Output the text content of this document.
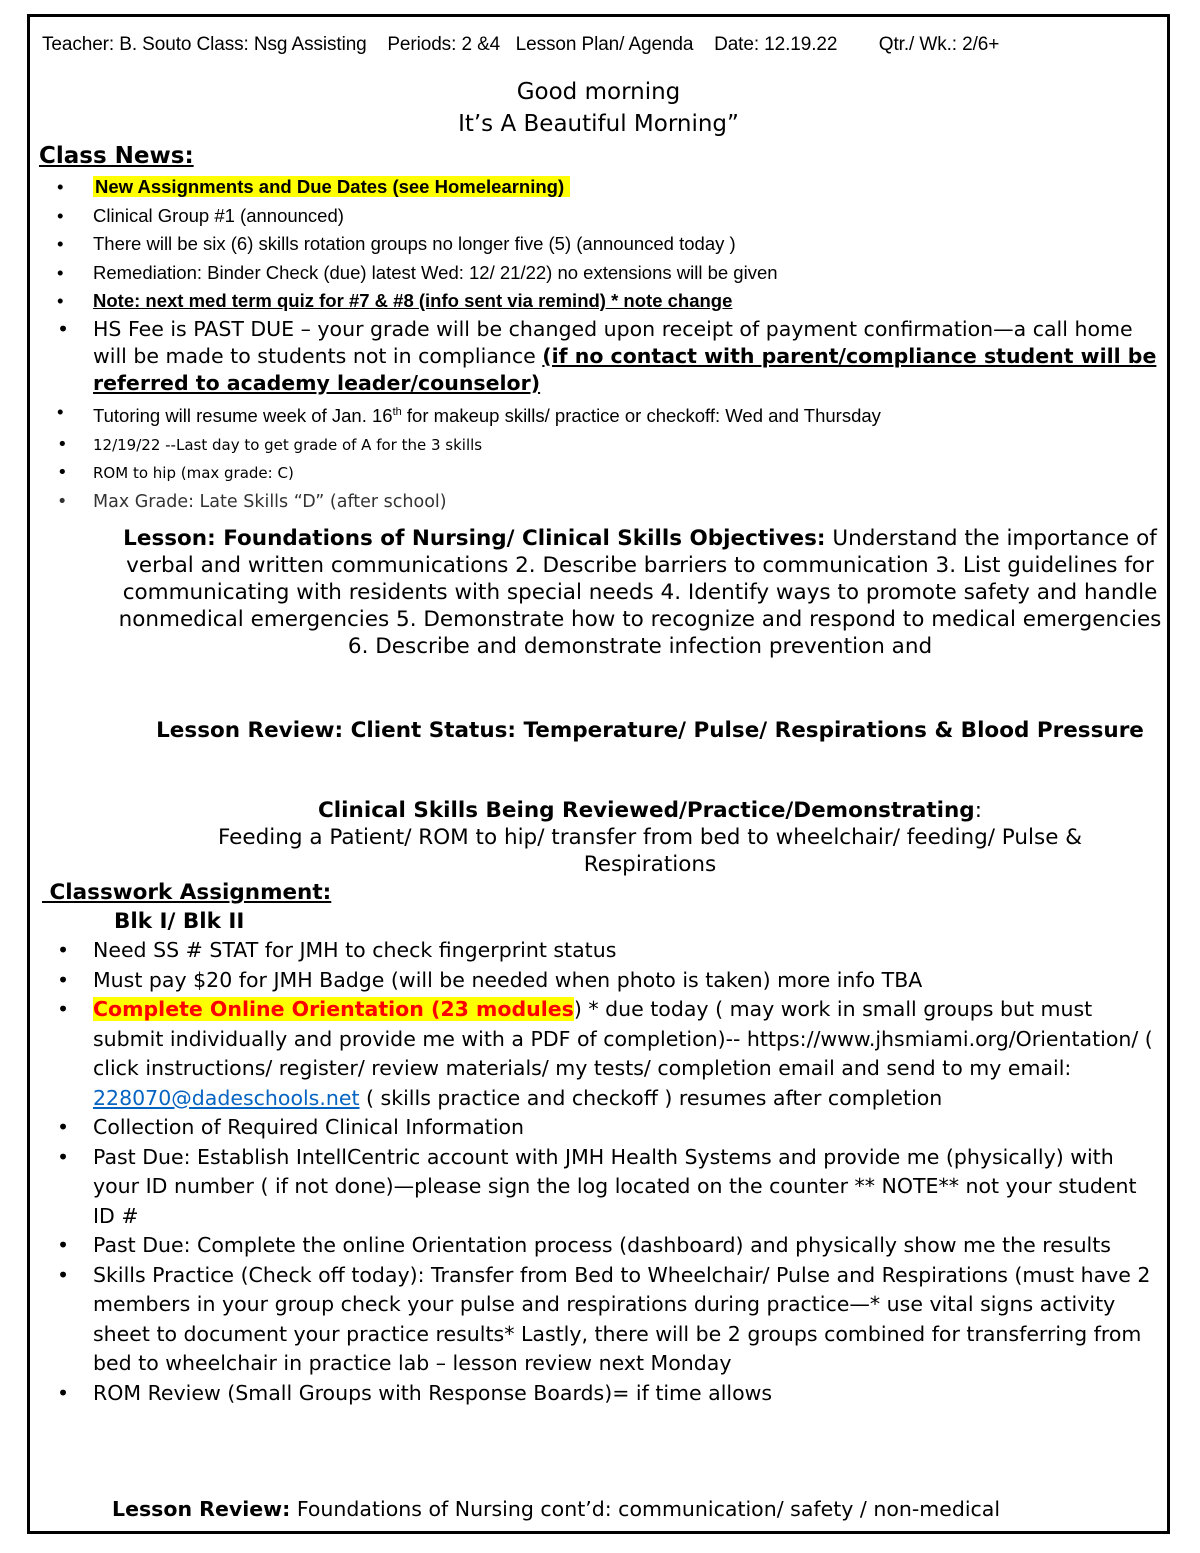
Teacher: B. Souto Class: Nsg Assisting Periods: 2 &4 Lesson Plan/ Agenda Date: 12.19.22 Qtr./ Wk.: 2/6+
Good morning
It’s A Beautiful Morning”
Class News:
• New Assignments and Due Dates (see Homelearning)
• Clinical Group #1 (announced)
• There will be six (6) skills rotation groups no longer five (5) (announced today )
• Remediation: Binder Check (due) latest Wed: 12/ 21/22) no extensions will be given
• Note: next med term quiz for #7 & #8 (info sent via remind) * note change
• HS Fee is PAST DUE – your grade will be changed upon receipt of payment confirmation—a call home will be made to students not in compliance (if no contact with parent/compliance student will be referred to academy leader/counselor)
• Tutoring will resume week of Jan. 16th for makeup skills/ practice or checkoff: Wed and Thursday
• 12/19/22 --Last day to get grade of A for the 3 skills
• ROM to hip (max grade: C)
• Max Grade: Late Skills “D” (after school)
Lesson: Foundations of Nursing/ Clinical Skills Objectives: Understand the importance of verbal and written communications 2. Describe barriers to communication 3. List guidelines for communicating with residents with special needs 4. Identify ways to promote safety and handle nonmedical emergencies 5. Demonstrate how to recognize and respond to medical emergencies 6. Describe and demonstrate infection prevention and
Lesson Review: Client Status: Temperature/ Pulse/ Respirations & Blood Pressure
Clinical Skills Being Reviewed/Practice/Demonstrating:
Feeding a Patient/ ROM to hip/ transfer from bed to wheelchair/ feeding/ Pulse & Respirations
Classwork Assignment:
Blk I/ Blk II
• Need SS # STAT for JMH to check fingerprint status
• Must pay $20 for JMH Badge (will be needed when photo is taken) more info TBA
• Complete Online Orientation (23 modules) * due today ( may work in small groups but must submit individually and provide me with a PDF of completion)-- https://www.jhsmiami.org/Orientation/ ( click instructions/ register/ review materials/ my tests/ completion email and send to my email: 228070@dadeschools.net ( skills practice and checkoff ) resumes after completion
• Collection of Required Clinical Information
• Past Due: Establish IntellCentric account with JMH Health Systems and provide me (physically) with your ID number ( if not done)—please sign the log located on the counter ** NOTE** not your student ID #
• Past Due: Complete the online Orientation process (dashboard) and physically show me the results
• Skills Practice (Check off today): Transfer from Bed to Wheelchair/ Pulse and Respirations (must have 2 members in your group check your pulse and respirations during practice—* use vital signs activity sheet to document your practice results* Lastly, there will be 2 groups combined for transferring from bed to wheelchair in practice lab – lesson review next Monday
• ROM Review (Small Groups with Response Boards)= if time allows
Lesson Review: Foundations of Nursing cont’d: communication/ safety / non-medical
